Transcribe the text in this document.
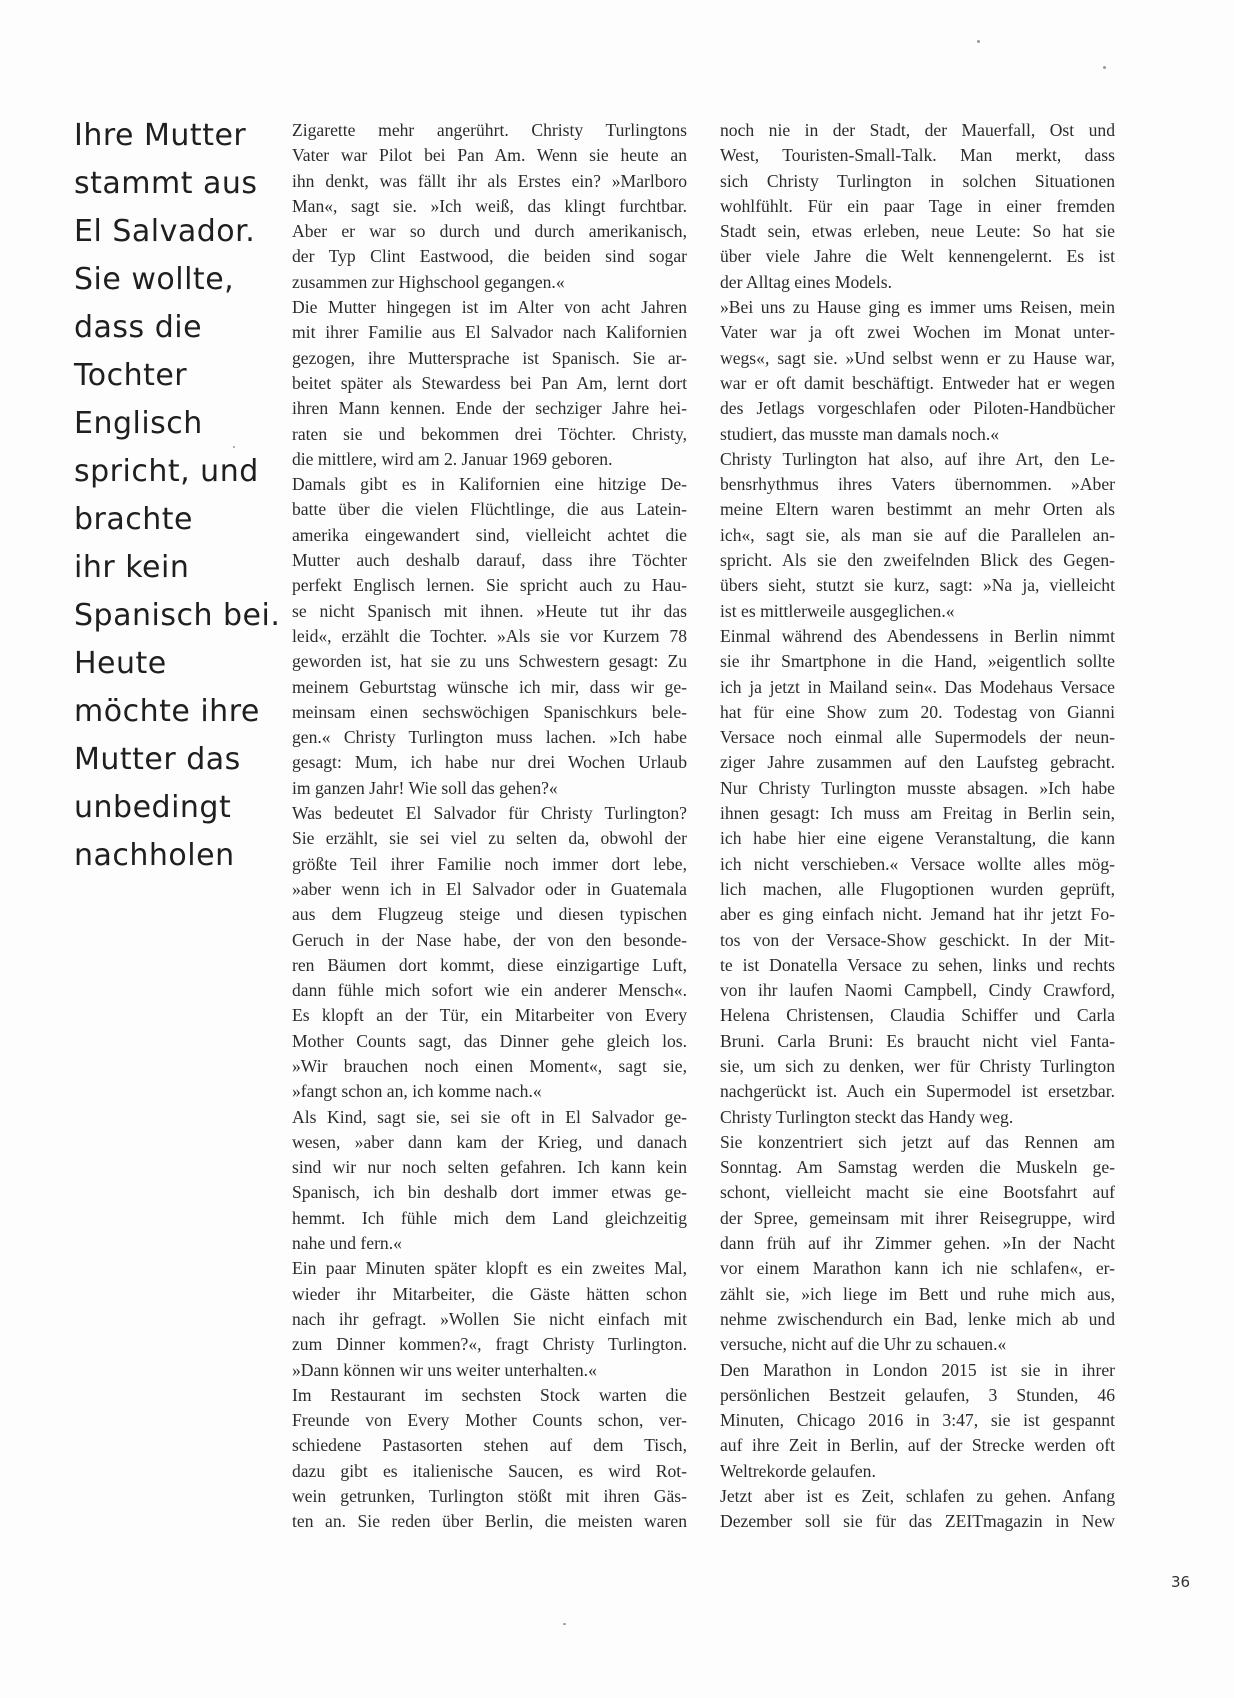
Ihre Mutter
stammt aus
El Salvador.
Sie wollte,
dass die
Tochter
Englisch
spricht, und
brachte
ihr kein
Spanisch bei.
Heute
möchte ihre
Mutter das
unbedingt
nachholen
Zigarette mehr angerührt. Christy Turlingtons
Vater war Pilot bei Pan Am. Wenn sie heute an
ihn denkt, was fällt ihr als Erstes ein? »Marlboro
Man«, sagt sie. »Ich weiß, das klingt furchtbar.
Aber er war so durch und durch amerikanisch,
der Typ Clint Eastwood, die beiden sind sogar
zusammen zur Highschool gegangen.«
Die Mutter hingegen ist im Alter von acht Jahren
mit ihrer Familie aus El Salvador nach Kalifornien
gezogen, ihre Muttersprache ist Spanisch. Sie ar-
beitet später als Stewardess bei Pan Am, lernt dort
ihren Mann kennen. Ende der sechziger Jahre hei-
raten sie und bekommen drei Töchter. Christy,
die mittlere, wird am 2. Januar 1969 geboren.
Damals gibt es in Kalifornien eine hitzige De-
batte über die vielen Flüchtlinge, die aus Latein-
amerika eingewandert sind, vielleicht achtet die
Mutter auch deshalb darauf, dass ihre Töchter
perfekt Englisch lernen. Sie spricht auch zu Hau-
se nicht Spanisch mit ihnen. »Heute tut ihr das
leid«, erzählt die Tochter. »Als sie vor Kurzem 78
geworden ist, hat sie zu uns Schwestern gesagt: Zu
meinem Geburtstag wünsche ich mir, dass wir ge-
meinsam einen sechswöchigen Spanischkurs bele-
gen.« Christy Turlington muss lachen. »Ich habe
gesagt: Mum, ich habe nur drei Wochen Urlaub
im ganzen Jahr! Wie soll das gehen?«
Was bedeutet El Salvador für Christy Turlington?
Sie erzählt, sie sei viel zu selten da, obwohl der
größte Teil ihrer Familie noch immer dort lebe,
»aber wenn ich in El Salvador oder in Guatemala
aus dem Flugzeug steige und diesen typischen
Geruch in der Nase habe, der von den besonde-
ren Bäumen dort kommt, diese einzigartige Luft,
dann fühle mich sofort wie ein anderer Mensch«.
Es klopft an der Tür, ein Mitarbeiter von Every
Mother Counts sagt, das Dinner gehe gleich los.
»Wir brauchen noch einen Moment«, sagt sie,
»fangt schon an, ich komme nach.«
Als Kind, sagt sie, sei sie oft in El Salvador ge-
wesen, »aber dann kam der Krieg, und danach
sind wir nur noch selten gefahren. Ich kann kein
Spanisch, ich bin deshalb dort immer etwas ge-
hemmt. Ich fühle mich dem Land gleichzeitig
nahe und fern.«
Ein paar Minuten später klopft es ein zweites Mal,
wieder ihr Mitarbeiter, die Gäste hätten schon
nach ihr gefragt. »Wollen Sie nicht einfach mit
zum Dinner kommen?«, fragt Christy Turlington.
»Dann können wir uns weiter unterhalten.«
Im Restaurant im sechsten Stock warten die
Freunde von Every Mother Counts schon, ver-
schiedene Pastasorten stehen auf dem Tisch,
dazu gibt es italienische Saucen, es wird Rot-
wein getrunken, Turlington stößt mit ihren Gäs-
ten an. Sie reden über Berlin, die meisten waren
noch nie in der Stadt, der Mauerfall, Ost und
West, Touristen-Small-Talk. Man merkt, dass
sich Christy Turlington in solchen Situationen
wohlfühlt. Für ein paar Tage in einer fremden
Stadt sein, etwas erleben, neue Leute: So hat sie
über viele Jahre die Welt kennengelernt. Es ist
der Alltag eines Models.
»Bei uns zu Hause ging es immer ums Reisen, mein
Vater war ja oft zwei Wochen im Monat unter-
wegs«, sagt sie. »Und selbst wenn er zu Hause war,
war er oft damit beschäftigt. Entweder hat er wegen
des Jetlags vorgeschlafen oder Piloten-Handbücher
studiert, das musste man damals noch.«
Christy Turlington hat also, auf ihre Art, den Le-
bensrhythmus ihres Vaters übernommen. »Aber
meine Eltern waren bestimmt an mehr Orten als
ich«, sagt sie, als man sie auf die Parallelen an-
spricht. Als sie den zweifelnden Blick des Gegen-
übers sieht, stutzt sie kurz, sagt: »Na ja, vielleicht
ist es mittlerweile ausgeglichen.«
Einmal während des Abendessens in Berlin nimmt
sie ihr Smartphone in die Hand, »eigentlich sollte
ich ja jetzt in Mailand sein«. Das Modehaus Versace
hat für eine Show zum 20. Todestag von Gianni
Versace noch einmal alle Supermodels der neun-
ziger Jahre zusammen auf den Laufsteg gebracht.
Nur Christy Turlington musste absagen. »Ich habe
ihnen gesagt: Ich muss am Freitag in Berlin sein,
ich habe hier eine eigene Veranstaltung, die kann
ich nicht verschieben.« Versace wollte alles mög-
lich machen, alle Flugoptionen wurden geprüft,
aber es ging einfach nicht. Jemand hat ihr jetzt Fo-
tos von der Versace-Show geschickt. In der Mit-
te ist Donatella Versace zu sehen, links und rechts
von ihr laufen Naomi Campbell, Cindy Crawford,
Helena Christensen, Claudia Schiffer und Carla
Bruni. Carla Bruni: Es braucht nicht viel Fanta-
sie, um sich zu denken, wer für Christy Turlington
nachgerückt ist. Auch ein Supermodel ist ersetzbar.
Christy Turlington steckt das Handy weg.
Sie konzentriert sich jetzt auf das Rennen am
Sonntag. Am Samstag werden die Muskeln ge-
schont, vielleicht macht sie eine Bootsfahrt auf
der Spree, gemeinsam mit ihrer Reisegruppe, wird
dann früh auf ihr Zimmer gehen. »In der Nacht
vor einem Marathon kann ich nie schlafen«, er-
zählt sie, »ich liege im Bett und ruhe mich aus,
nehme zwischendurch ein Bad, lenke mich ab und
versuche, nicht auf die Uhr zu schauen.«
Den Marathon in London 2015 ist sie in ihrer
persönlichen Bestzeit gelaufen, 3 Stunden, 46
Minuten, Chicago 2016 in 3:47, sie ist gespannt
auf ihre Zeit in Berlin, auf der Strecke werden oft
Weltrekorde gelaufen.
Jetzt aber ist es Zeit, schlafen zu gehen. Anfang
Dezember soll sie für das ZEITmagazin in New
36
